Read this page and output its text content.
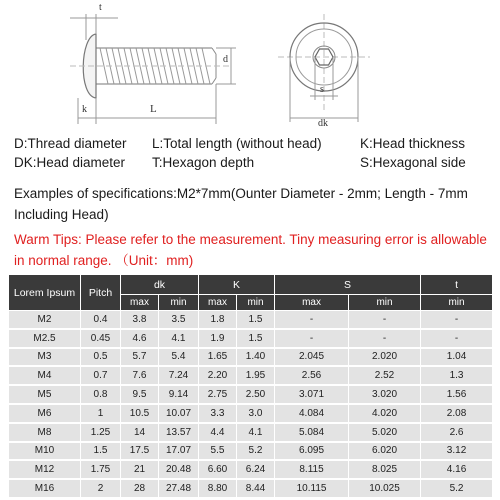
t
d
k	L
s
dk
D:Thread diameter L:Total length (without head)	K:Head thickness
DK:Head diameter T:Hexagon depth	S:Hexagonal side
Examples of specifications:M2*7mm(Ounter Diameter - 2mm; Length - 7mm Including Head)
Warm Tips: Please refer to the measurement. Tiny measuring error is allowable in normal range. （Unit：mm)
Lorem Ipsum	Pitch	dk		K		S		t
		max	min	max	min	max	min	min
M2	0.4	3.8	3.5	1.8	1.5	-	-	-
M2.5	0.45	4.6	4.1	1.9	1.5	-	-	-
M3	0.5	5.7	5.4	1.65	1.40	2.045	2.020	1.04
M4	0.7	7.6	7.24	2.20	1.95	2.56	2.52	1.3
M5	0.8	9.5	9.14	2.75	2.50	3.071	3.020	1.56
M6	1	10.5	10.07	3.3	3.0	4.084	4.020	2.08
M8	1.25	14	13.57	4.4	4.1	5.084	5.020	2.6
M10	1.5	17.5	17.07	5.5	5.2	6.095	6.020	3.12
M12	1.75	21	20.48	6.60	6.24	8.115	8.025	4.16
M16	2	28	27.48	8.80	8.44	10.115	10.025	5.2
